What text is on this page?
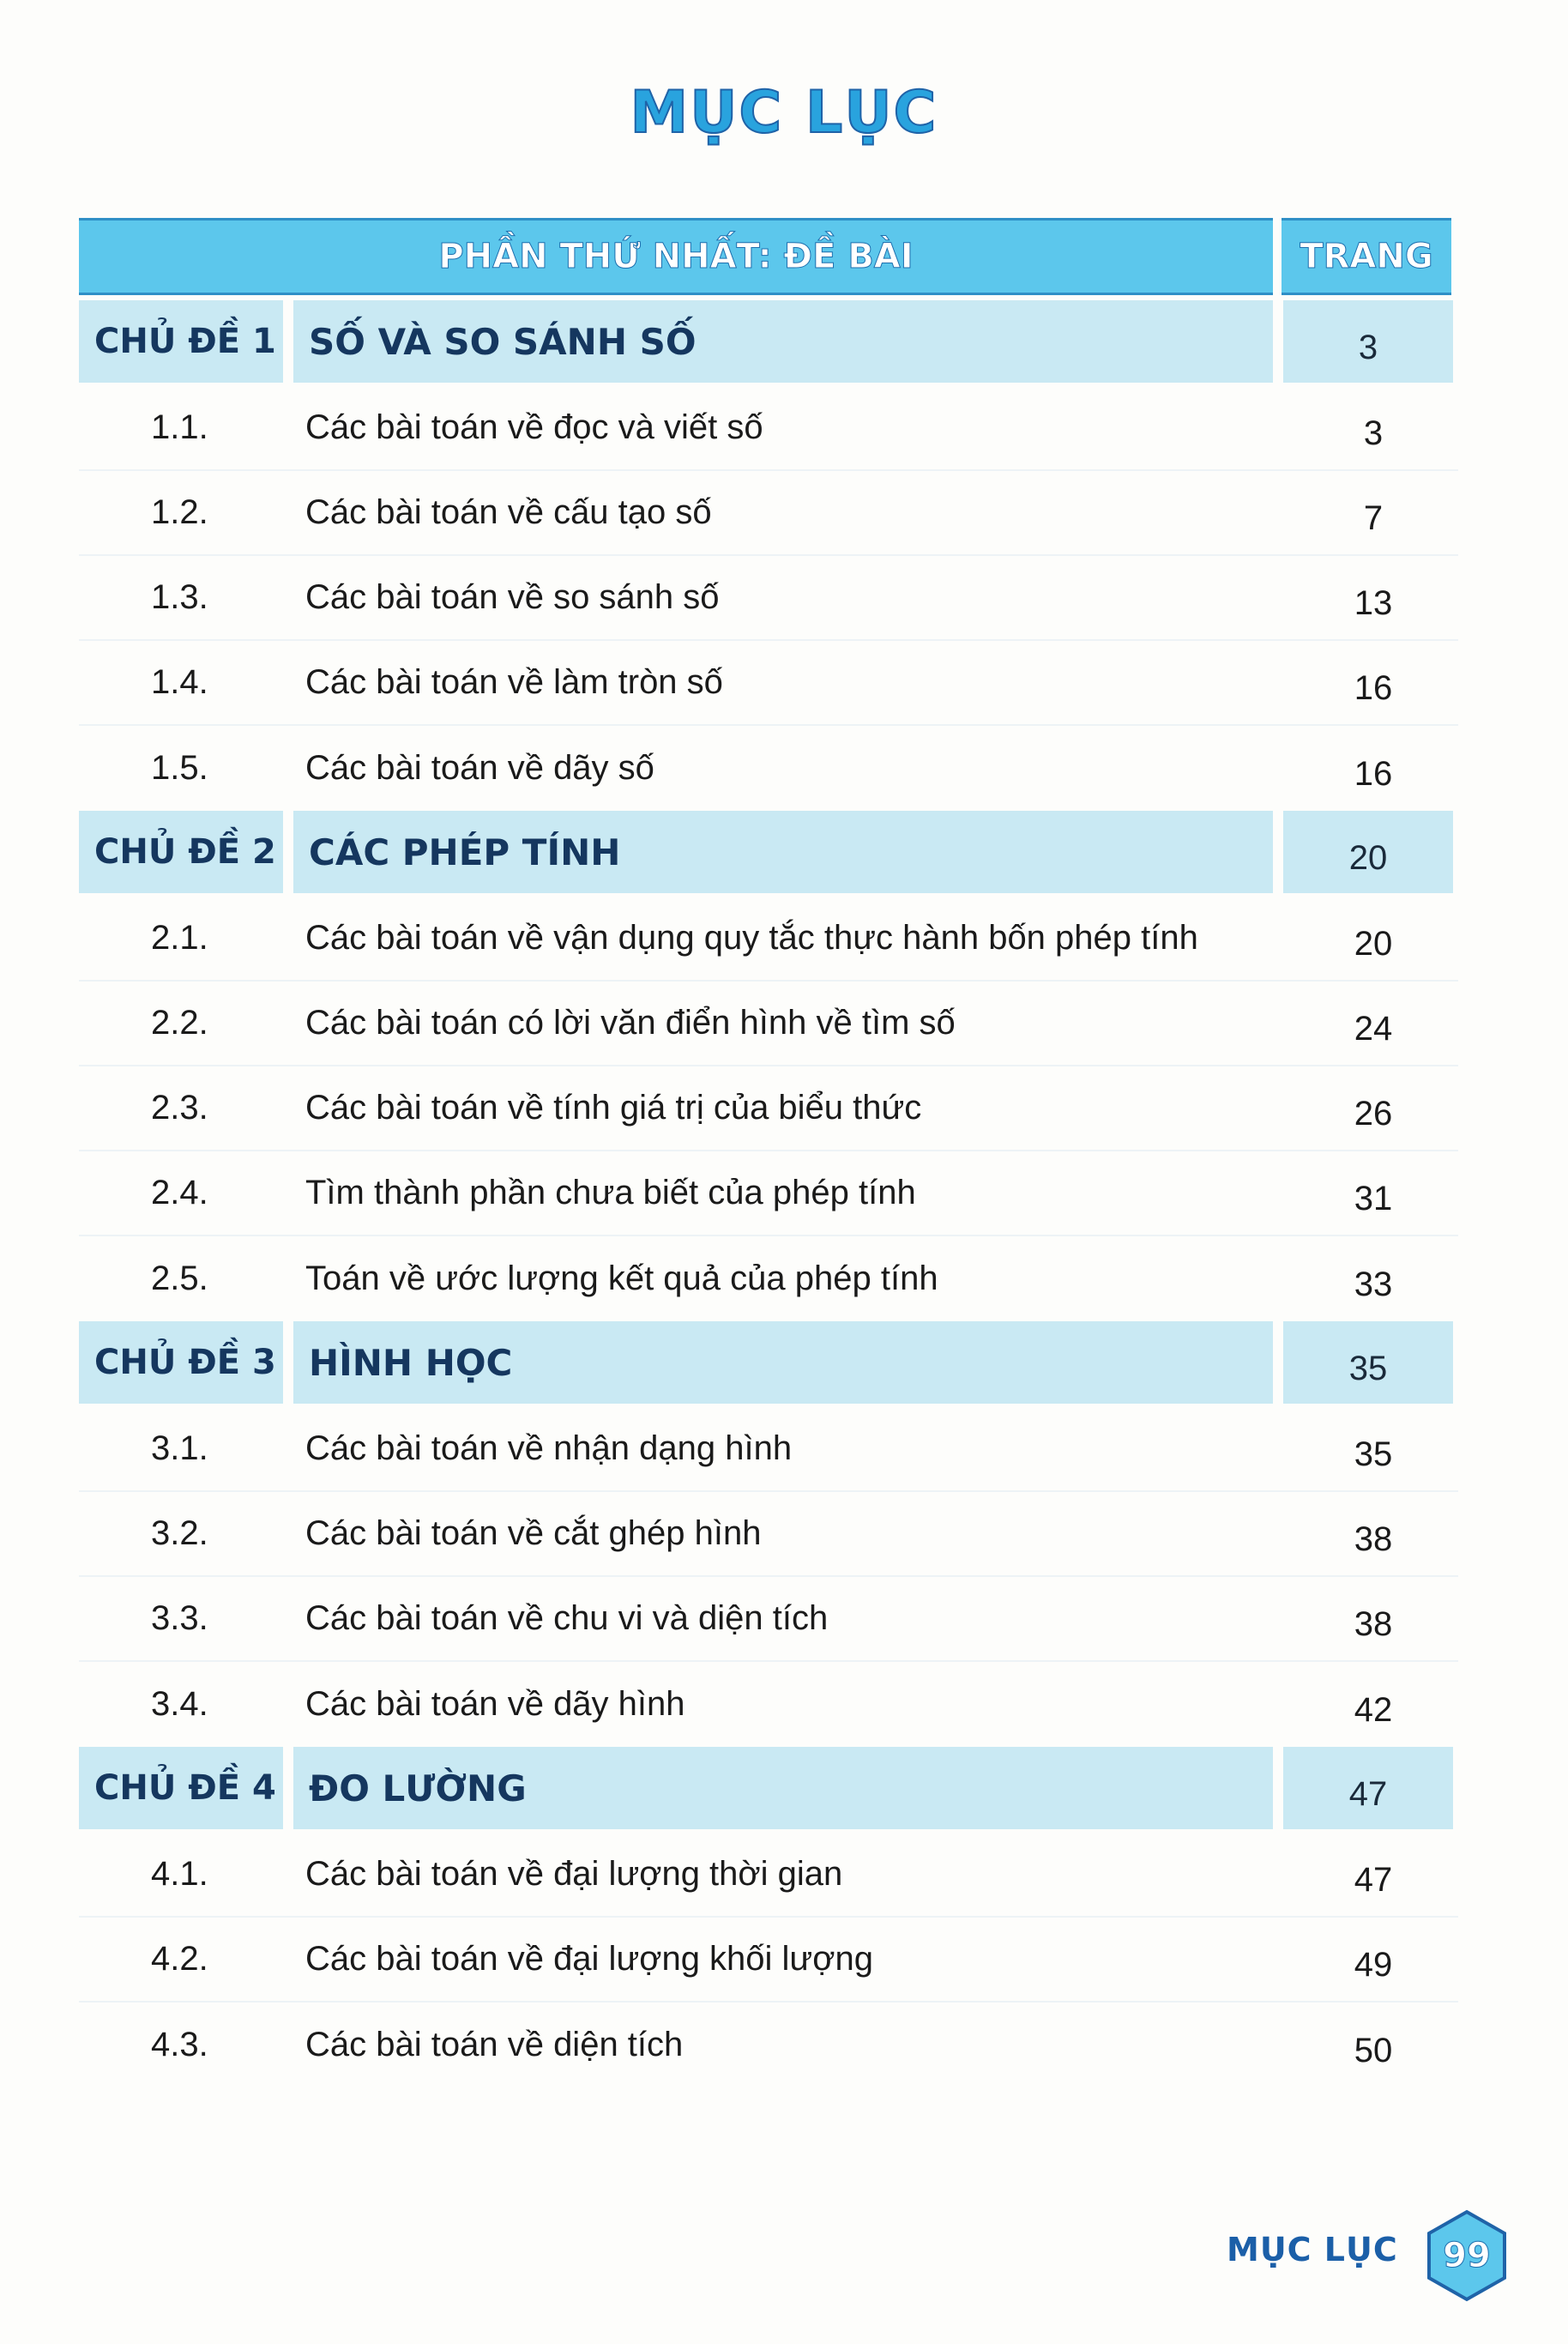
MỤC LỤC
PHẦN THỨ NHẤT: ĐỀ BÀI	TRANG
CHỦ ĐỀ 1 SỐ VÀ SO SÁNH SỐ	3
1.1.	Các bài toán về đọc và viết số	3
1.2.	Các bài toán về cấu tạo số	7
1.3.	Các bài toán về so sánh số	13
1.4.	Các bài toán về làm tròn số	16
1.5.	Các bài toán về dãy số	16
CHỦ ĐỀ 2 CÁC PHÉP TÍNH	20
2.1.	Các bài toán về vận dụng quy tắc thực hành bốn phép tính	20
2.2.	Các bài toán có lời văn điển hình về tìm số	24
2.3.	Các bài toán về tính giá trị của biểu thức	26
2.4.	Tìm thành phần chưa biết của phép tính	31
2.5.	Toán về ước lượng kết quả của phép tính	33
CHỦ ĐỀ 3 HÌNH HỌC	35
3.1.	Các bài toán về nhận dạng hình	35
3.2.	Các bài toán về cắt ghép hình	38
3.3.	Các bài toán về chu vi và diện tích	38
3.4.	Các bài toán về dãy hình	42
CHỦ ĐỀ 4 ĐO LƯỜNG	47
4.1.	Các bài toán về đại lượng thời gian	47
4.2.	Các bài toán về đại lượng khối lượng	49
4.3.	Các bài toán về diện tích	50
MỤC LỤC	99
